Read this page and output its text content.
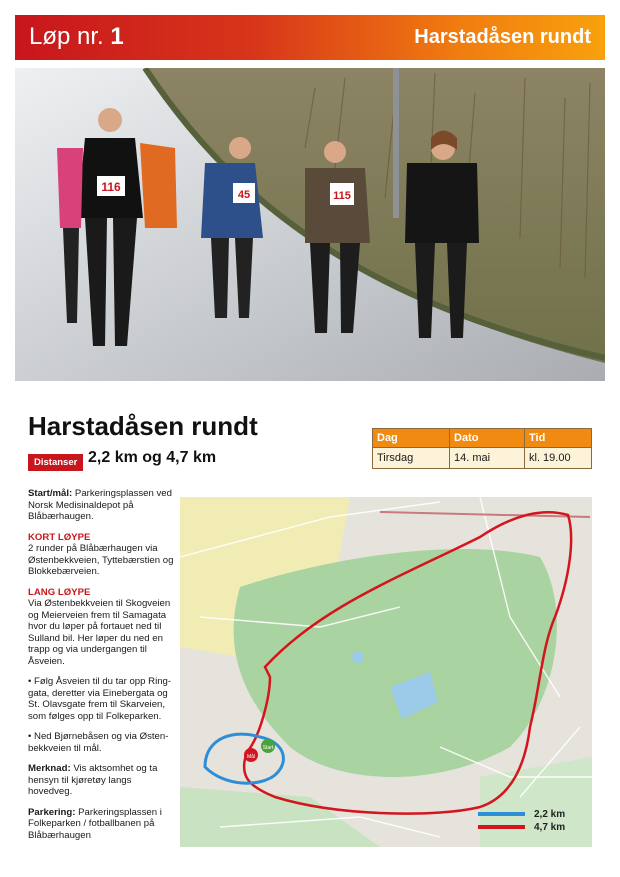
Løp nr. 1	Harstadåsen rundt
116
45	115
Harstadåsen rundt
Distanser 2,2 km og 4,7 km
Dag	Dato	Tid
Tirsdag	14. mai	kl. 19.00

Start/mål: Parkeringsplassen ved Norsk Medisinaldepot på Blåbærhaugen.

KORT LØYPE
2 runder på Blåbærhaugen via Østenbekkveien, Tyttebærstien og Blokkebærveien.

LANG LØYPE
Via Østenbekkveien til Skogveien og Meierveien frem til Samagata hvor du løper på fortauet ned til Sulland bil. Her løper du ned en trapp og via undergangen til Åsveien.

• Følg Åsveien til du tar opp Ringgata, deretter via Einebergata og St. Olavsgate frem til Skarveien, som følges opp til Folkeparken.

• Ned Bjørnebåsen og via Østenbekkveien til mål.

Merknad: Vis aktsomhet og ta hensyn til kjøretøy langs hovedveg.

Parkering: Parkeringsplassen i Folkeparken / fotballbanen på Blåbærhaugen

Start
Mål
2,2 km
4,7 km
